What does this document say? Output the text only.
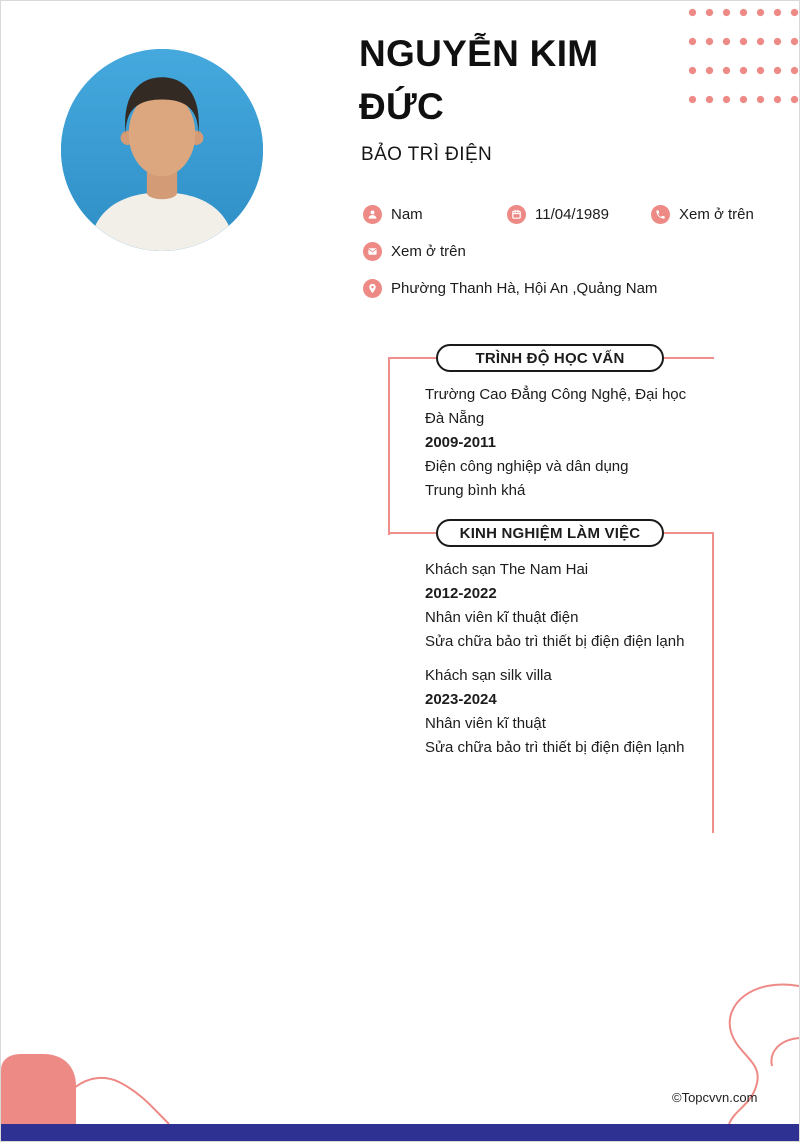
NGUYỄN KIM ĐỨC
BẢO TRÌ ĐIỆN
Nam	11/04/1989	Xem ở trên
Xem ở trên
Phường Thanh Hà, Hội An ,Quảng Nam
TRÌNH ĐỘ HỌC VẤN
KINH NGHIỆM LÀM VIỆC
Trường Cao Đẳng Công Nghệ, Đại học Đà Nẵng
2009-2011
Điện công nghiệp và dân dụng
Trung bình khá
Khách sạn The Nam Hai
2012-2022
Nhân viên kĩ thuật điện
Sửa chữa bảo trì thiết bị điện điện lạnh
Khách sạn silk villa
2023-2024
Nhân viên kĩ thuật
Sửa chữa bảo trì thiết bị điện điện lạnh
©Topcvvn.com
